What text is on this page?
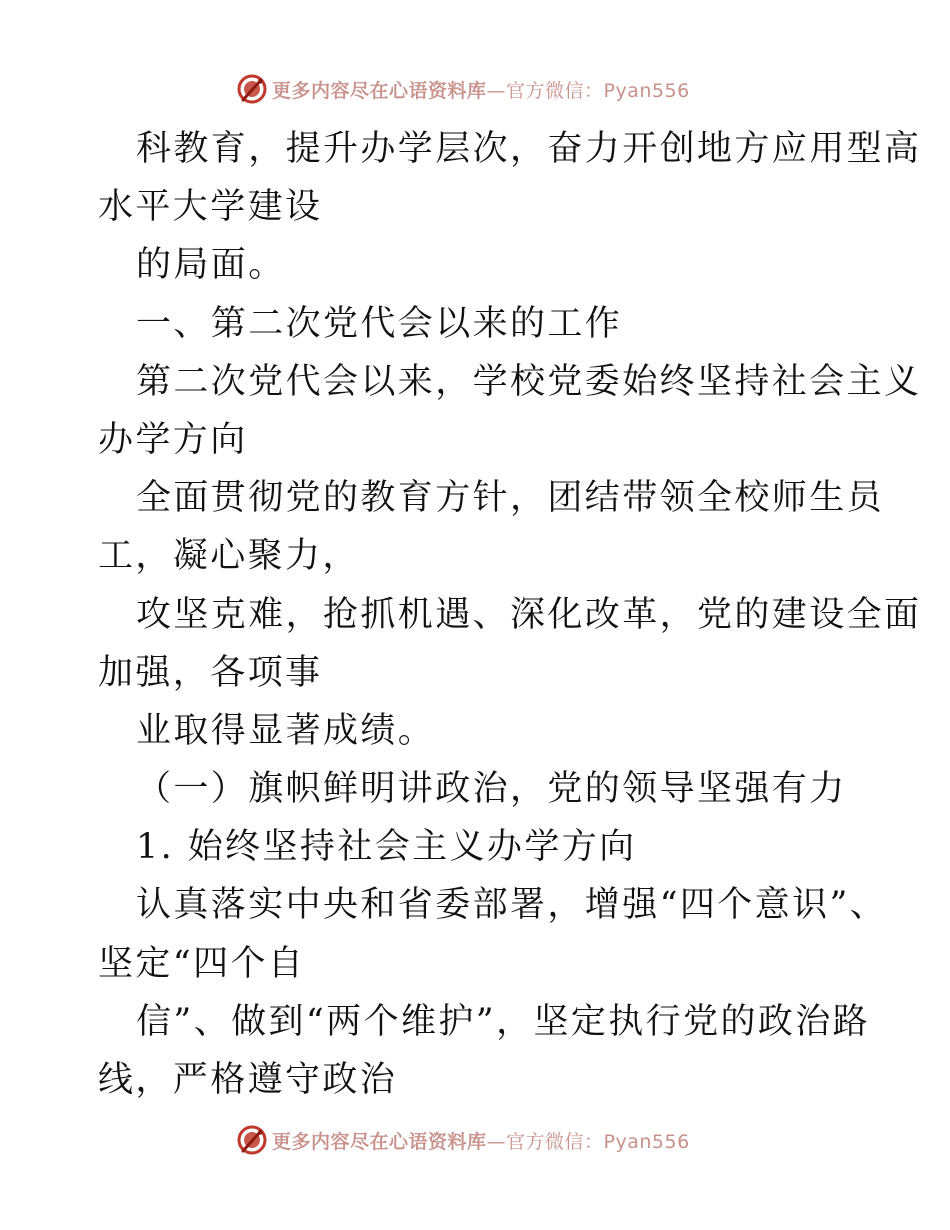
更多内容尽在心语资料库—官方微信：Pyan556
科教育，提升办学层次，奋力开创地方应用型高
水平大学建设
的局面。
一、第二次党代会以来的工作
第二次党代会以来，学校党委始终坚持社会主义
办学方向
全面贯彻党的教育方针，团结带领全校师生员
工，凝心聚力，
攻坚克难，抢抓机遇、深化改革，党的建设全面
加强，各项事
业取得显著成绩。
（一）旗帜鲜明讲政治，党的领导坚强有力
1. 始终坚持社会主义办学方向
认真落实中央和省委部署，增强“四个意识”、
坚定“四个自
信”、做到“两个维护”，坚定执行党的政治路
线，严格遵守政治
更多内容尽在心语资料库—官方微信：Pyan556
